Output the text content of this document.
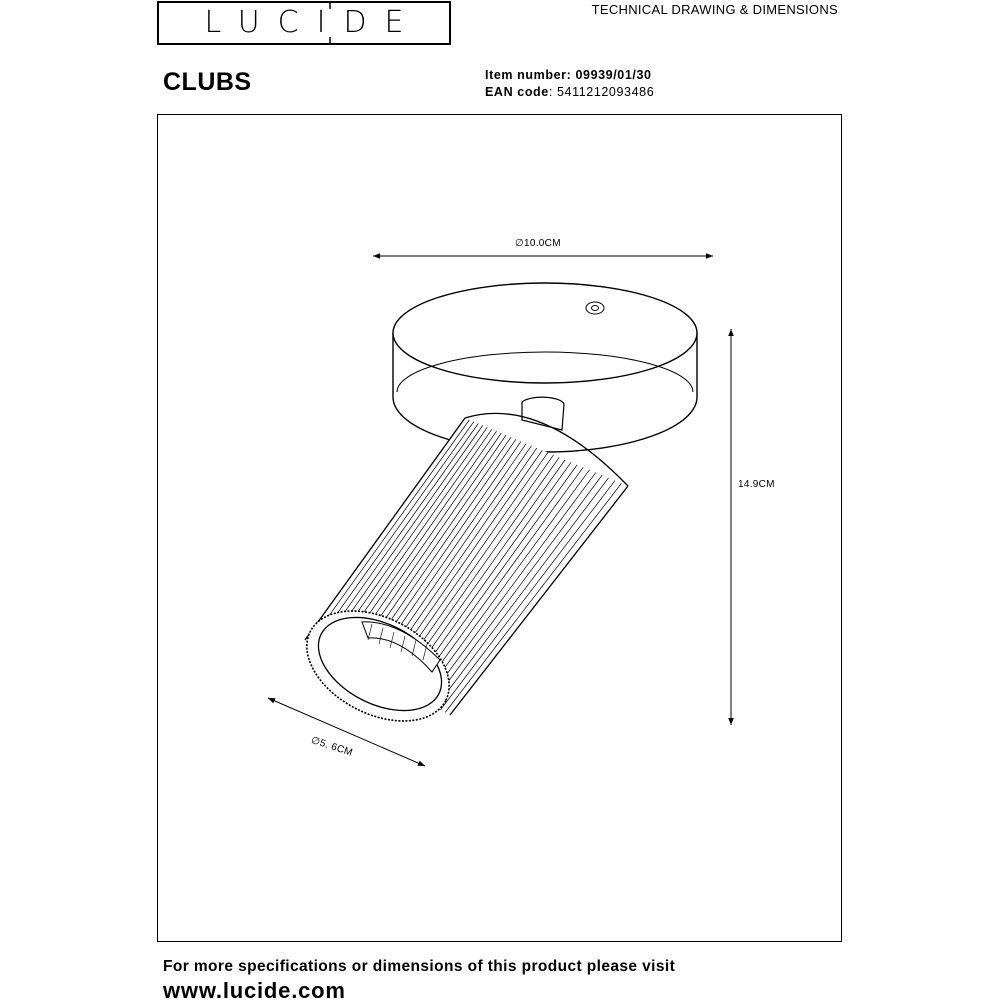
LUCIDE	TECHNICAL DRAWING & DIMENSIONS
CLUBS	Item number: 09939/01/30
EAN code: 5411212093486
∅10.0CM
14.9CM
∅5. 6CM
For more specifications or dimensions of this product please visit
www.lucide.com
